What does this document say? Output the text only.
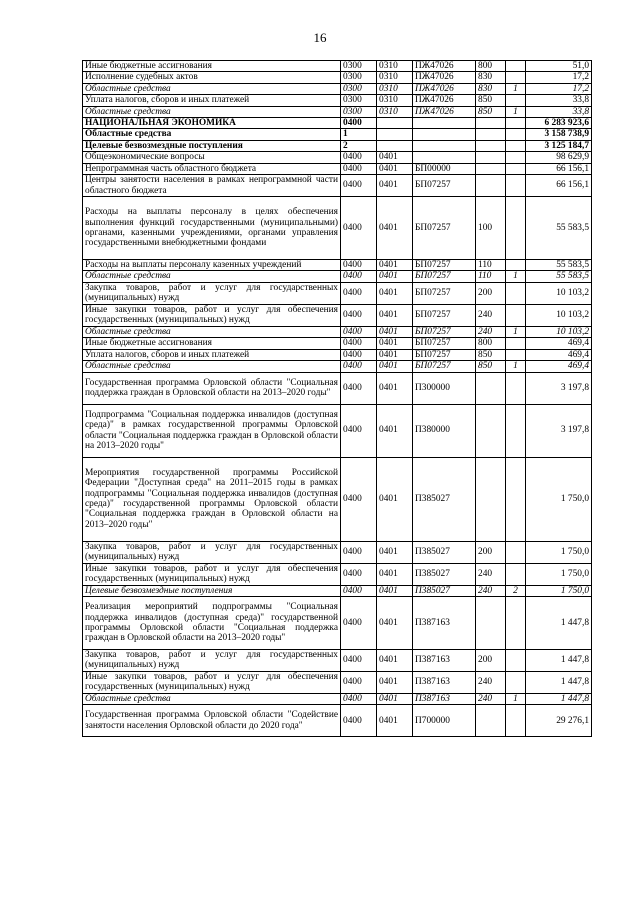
16
Иные бюджетные ассигнования	0300	0310	ПЖ47026	800		51,0
Исполнение судебных актов	0300	0310	ПЖ47026	830		17,2
Областные средства	0300	0310	ПЖ47026	830	1	17,2
Уплата налогов, сборов и иных платежей	0300	0310	ПЖ47026	850		33,8
Областные средства	0300	0310	ПЖ47026	850	1	33,8
НАЦИОНАЛЬНАЯ ЭКОНОМИКА	0400					6 283 923,6
Областные средства	1					3 158 738,9
Целевые безвозмездные поступления	2					3 125 184,7
Общеэкономические вопросы	0400	0401				98 629,9
Непрограммная часть областного бюджета	0400	0401	БП00000			66 156,1
Центры занятости населения в рамках непрограммной части областного бюджета	0400	0401	БП07257			66 156,1
Расходы на выплаты персоналу в целях обеспечения выполнения функций государственными (муниципальными) органами, казенными учреждениями, органами управления государственными внебюджетными фондами	0400	0401	БП07257	100		55 583,5
Расходы на выплаты персоналу казенных учреждений	0400	0401	БП07257	110		55 583,5
Областные средства	0400	0401	БП07257	110	1	55 583,5
Закупка товаров, работ и услуг для государственных (муниципальных) нужд	0400	0401	БП07257	200		10 103,2
Иные закупки товаров, работ и услуг для обеспечения государственных (муниципальных) нужд	0400	0401	БП07257	240		10 103,2
Областные средства	0400	0401	БП07257	240	1	10 103,2
Иные бюджетные ассигнования	0400	0401	БП07257	800		469,4
Уплата налогов, сборов и иных платежей	0400	0401	БП07257	850		469,4
Областные средства	0400	0401	БП07257	850	1	469,4
Государственная программа Орловской области "Социальная поддержка граждан в Орловской области на 2013–2020 годы"	0400	0401	П300000			3 197,8
Подпрограмма "Социальная поддержка инвалидов (доступная среда)" в рамках государственной программы Орловской области "Социальная поддержка граждан в Орловской области на 2013–2020 годы"	0400	0401	П380000			3 197,8
Мероприятия государственной программы Российской Федерации "Доступная среда" на 2011–2015 годы в рамках подпрограммы "Социальная поддержка инвалидов (доступная среда)" государственной программы Орловской области "Социальная поддержка граждан в Орловской области на 2013–2020 годы"	0400	0401	П385027			1 750,0
Закупка товаров, работ и услуг для государственных (муниципальных) нужд	0400	0401	П385027	200		1 750,0
Иные закупки товаров, работ и услуг для обеспечения государственных (муниципальных) нужд	0400	0401	П385027	240		1 750,0
Целевые безвозмездные поступления	0400	0401	П385027	240	2	1 750,0
Реализация мероприятий подпрограммы "Социальная поддержка инвалидов (доступная среда)" государственной программы Орловской области "Социальная поддержка граждан в Орловской области на 2013–2020 годы"	0400	0401	П387163			1 447,8
Закупка товаров, работ и услуг для государственных (муниципальных) нужд	0400	0401	П387163	200		1 447,8
Иные закупки товаров, работ и услуг для обеспечения государственных (муниципальных) нужд	0400	0401	П387163	240		1 447,8
Областные средства	0400	0401	П387163	240	1	1 447,8
Государственная программа Орловской области "Содействие занятости населения Орловской области до 2020 года"	0400	0401	П700000			29 276,1
